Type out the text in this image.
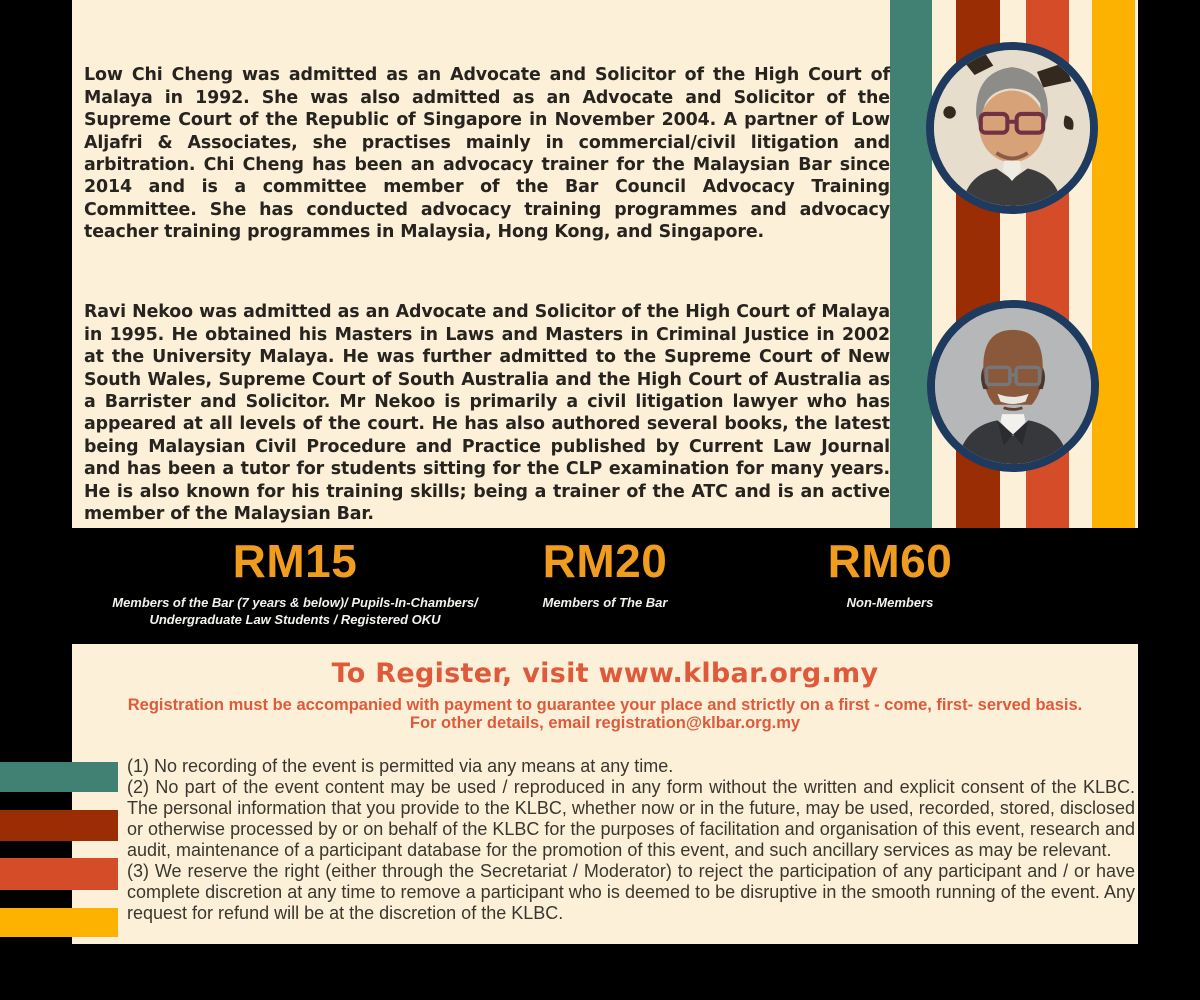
Low Chi Cheng was admitted as an Advocate and Solicitor of the High Court of Malaya in 1992. She was also admitted as an Advocate and Solicitor of the Supreme Court of the Republic of Singapore in November 2004. A partner of Low Aljafri & Associates, she practises mainly in commercial/civil litigation and arbitration. Chi Cheng has been an advocacy trainer for the Malaysian Bar since 2014 and is a committee member of the Bar Council Advocacy Training Committee. She has conducted advocacy training programmes and advocacy teacher training programmes in Malaysia, Hong Kong, and Singapore.

Ravi Nekoo was admitted as an Advocate and Solicitor of the High Court of Malaya in 1995. He obtained his Masters in Laws and Masters in Criminal Justice in 2002 at the University Malaya. He was further admitted to the Supreme Court of New South Wales, Supreme Court of South Australia and the High Court of Australia as a Barrister and Solicitor. Mr Nekoo is primarily a civil litigation lawyer who has appeared at all levels of the court. He has also authored several books, the latest being Malaysian Civil Procedure and Practice published by Current Law Journal and has been a tutor for students sitting for the CLP examination for many years. He is also known for his training skills; being a trainer of the ATC and is an active member of the Malaysian Bar.

RM15
Members of the Bar (7 years & below)/ Pupils-In-Chambers/ Undergraduate Law Students / Registered OKU
RM20
Members of The Bar
RM60
Non-Members
To Register, visit www.klbar.org.my
Registration must be accompanied with payment to guarantee your place and strictly on a first - come, first- served basis.
For other details, email registration@klbar.org.my

(1) No recording of the event is permitted via any means at any time.

(2) No part of the event content may be used / reproduced in any form without the written and explicit consent of the KLBC. The personal information that you provide to the KLBC, whether now or in the future, may be used, recorded, stored, disclosed or otherwise processed by or on behalf of the KLBC for the purposes of facilitation and organisation of this event, research and audit, maintenance of a participant database for the promotion of this event, and such ancillary services as may be relevant.

(3) We reserve the right (either through the Secretariat / Moderator) to reject the participation of any participant and / or have complete discretion at any time to remove a participant who is deemed to be disruptive in the smooth running of the event. Any request for refund will be at the discretion of the KLBC.
